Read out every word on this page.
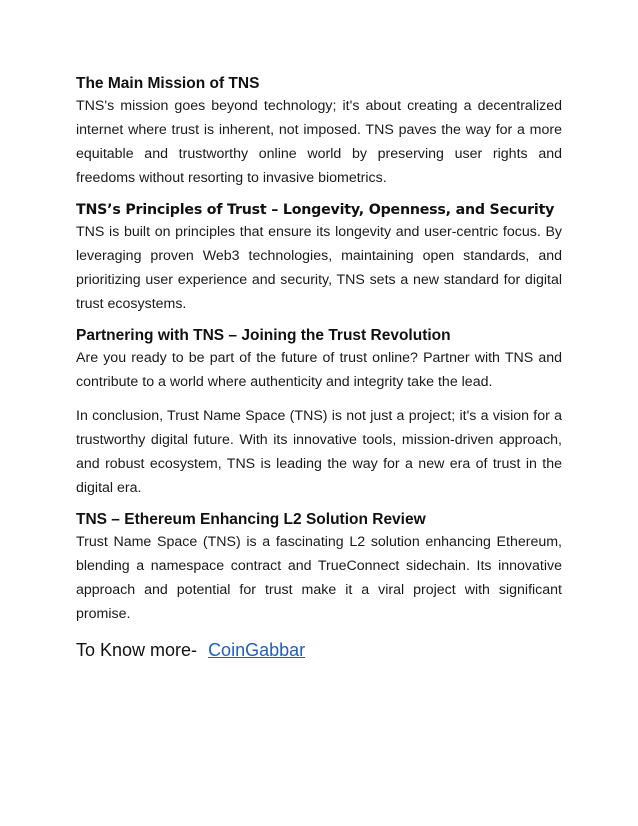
The Main Mission of TNS

TNS's mission goes beyond technology; it's about creating a decentralized internet where trust is inherent, not imposed. TNS paves the way for a more equitable and trustworthy online world by preserving user rights and freedoms without resorting to invasive biometrics.

TNS’s Principles of Trust – Longevity, Openness, and Security

TNS is built on principles that ensure its longevity and user-centric focus. By leveraging proven Web3 technologies, maintaining open standards, and prioritizing user experience and security, TNS sets a new standard for digital trust ecosystems.

Partnering with TNS – Joining the Trust Revolution

Are you ready to be part of the future of trust online? Partner with TNS and contribute to a world where authenticity and integrity take the lead.

In conclusion, Trust Name Space (TNS) is not just a project; it's a vision for a trustworthy digital future. With its innovative tools, mission-driven approach, and robust ecosystem, TNS is leading the way for a new era of trust in the digital era.

TNS – Ethereum Enhancing L2 Solution Review

Trust Name Space (TNS) is a fascinating L2 solution enhancing Ethereum, blending a namespace contract and TrueConnect sidechain. Its innovative approach and potential for trust make it a viral project with significant promise.

To Know more- CoinGabbar
